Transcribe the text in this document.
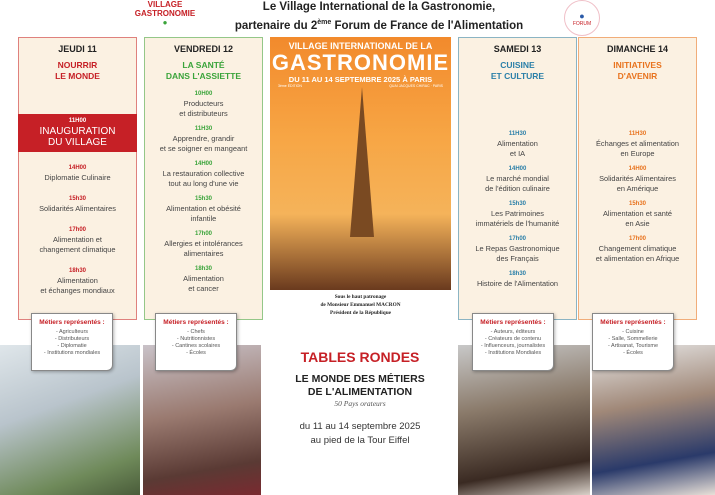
VILLAGE
GASTRONOMIE
●
Le Village International de la Gastronomie,
partenaire du 2ème Forum de France de l'Alimentation
●
FORUM
JEUDI 11
NOURRIR
LE MONDE
11H00
INAUGURATION
DU VILLAGE
14H00
Diplomatie Culinaire
15h30
Solidarités Alimentaires
17h00
Alimentation et
changement climatique
18h30
Alimentation
et échanges mondiaux
Métiers représentés :
- Agriculteurs
- Distributeurs
- Diplomatie
- Institutions mondiales
VENDREDI 12
LA SANTÉ
DANS L'ASSIETTE
10H00
Producteurs
et distributeurs
11H30
Apprendre, grandir
et se soigner en mangeant
14H00
La restauration collective
tout au long d'une vie
15h30
Alimentation et obésité
infantile
17h00
Allergies et intolérances
alimentaires
18h30
Alimentation
et cancer
Métiers représentés :
- Chefs
- Nutritionnistes
- Cantines scolaires
- Écoles
SAMEDI 13
CUISINE
ET CULTURE
11H30
Alimentation
et IA
14H00
Le marché mondial
de l'édition culinaire
15h30
Les Patrimoines
immatériels de l'humanité
17h00
Le Repas Gastronomique
des Français
18h30
Histoire de l'Alimentation
Métiers représentés :
- Auteurs, éditeurs
- Créateurs de contenu
- Influenceurs, journalistes
- Institutions Mondiales
DIMANCHE 14
INITIATIVES
D'AVENIR
11H30
Échanges et alimentation
en Europe
14H00
Solidarités Alimentaires
en Amérique
15h30
Alimentation et santé
en Asie
17h00
Changement climatique
et alimentation en Afrique
Métiers représentés :
- Cuisine
- Salle, Sommellerie
- Artisanat, Tourisme
- Écoles
VILLAGE INTERNATIONAL DE LA
GASTRONOMIE
DU 11 AU 14 SEPTEMBRE 2025 À PARIS
3ème ÉDITION	QUAI JACQUES CHIRAC · PARIS
Sous le haut patronage
de Monsieur Emmanuel MACRON
Président de la République
TABLES RONDES
LE MONDE DES MÉTIERS
DE L'ALIMENTATION
50 Pays orateurs
du 11 au 14 septembre 2025
au pied de la Tour Eiffel
